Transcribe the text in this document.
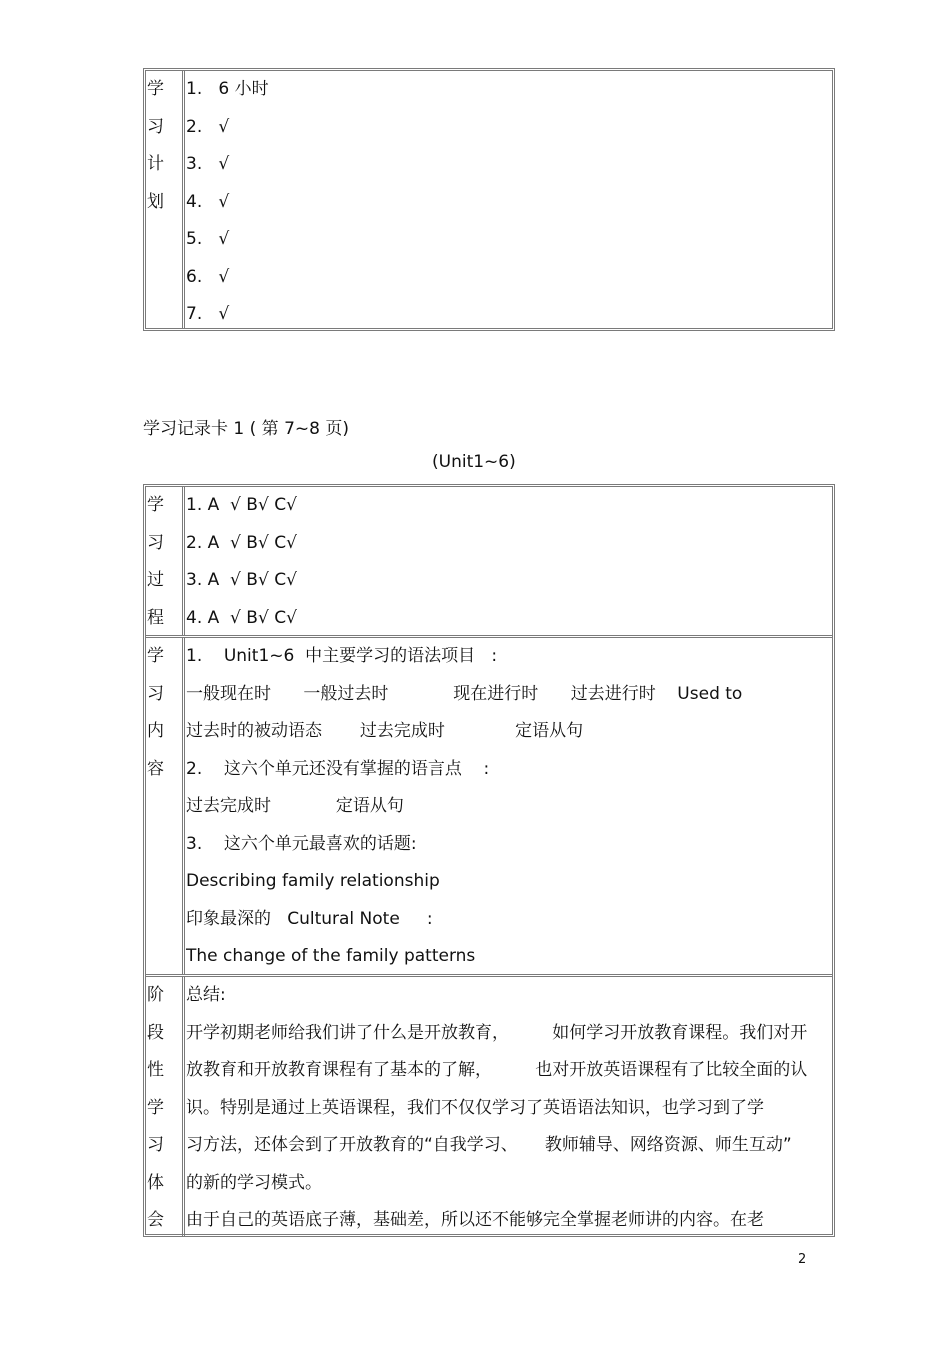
学
习
计
划
1.   6 小时
2.   √
3.   √
4.   √
5.   √
6.   √
7.   √
学习记录卡 1 ( 第 7~8 页)
(Unit1~6)
学
习
过
程
1. A  √ B√ C√
2. A  √ B√ C√
3. A  √ B√ C√
4. A  √ B√ C√
学
习
内
容
1.    Unit1~6  中主要学习的语法项目   :
一般现在时      一般过去时            现在进行时      过去进行时    Used to
过去时的被动语态       过去完成时             定语从句
2.    这六个单元还没有掌握的语言点    :
过去完成时            定语从句
3.    这六个单元最喜欢的话题:
Describing family relationship
印象最深的   Cultural Note     :
The change of the family patterns
阶
段
性
学
习
体
会
总结:
开学初期老师给我们讲了什么是开放教育，        如何学习开放教育课程。我们对开
放教育和开放教育课程有了基本的了解，        也对开放英语课程有了比较全面的认
识。特别是通过上英语课程，我们不仅仅学习了英语语法知识，也学习到了学
习方法，还体会到了开放教育的“自我学习、     教师辅导、网络资源、师生互动”
的新的学习模式。
由于自己的英语底子薄，基础差，所以还不能够完全掌握老师讲的内容。在老
2
